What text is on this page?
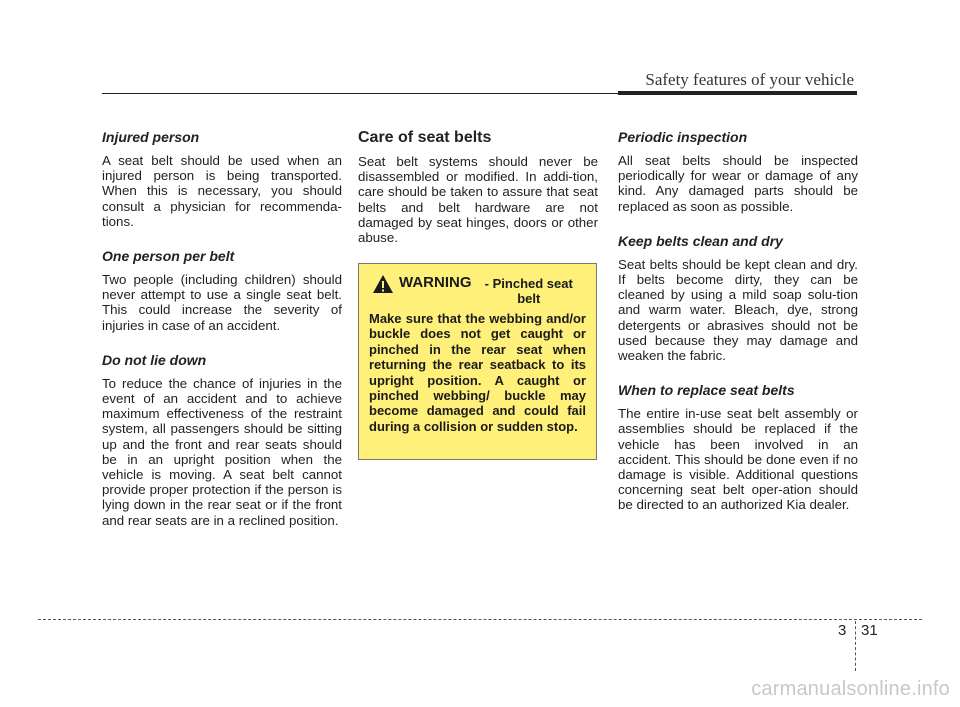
Safety features of your vehicle
Injured person

A seat belt should be used when an injured person is being transported. When this is necessary, you should consult a physician for recommenda-tions.

One person per belt

Two people (including children) should never attempt to use a single seat belt. This could increase the severity of injuries in case of an accident.

Do not lie down

To reduce the chance of injuries in the event of an accident and to achieve maximum effectiveness of the restraint system, all passengers should be sitting up and the front and rear seats should be in an upright position when the vehicle is moving. A seat belt cannot provide proper protection if the person is lying down in the rear seat or if the front and rear seats are in a reclined position.

Care of seat belts

Seat belt systems should never be disassembled or modified. In addi-tion, care should be taken to assure that seat belts and belt hardware are not damaged by seat hinges, doors or other abuse.

WARNING	- Pinched seat belt
Make sure that the webbing and/or buckle does not get caught or pinched in the rear seat when returning the rear seatback to its upright position. A caught or pinched webbing/ buckle may become damaged and could fail during a collision or sudden stop.
Periodic inspection

All seat belts should be inspected periodically for wear or damage of any kind. Any damaged parts should be replaced as soon as possible.

Keep belts clean and dry

Seat belts should be kept clean and dry. If belts become dirty, they can be cleaned by using a mild soap solu-tion and warm water. Bleach, dye, strong detergents or abrasives should not be used because they may damage and weaken the fabric.

When to replace seat belts

The entire in-use seat belt assembly or assemblies should be replaced if the vehicle has been involved in an accident. This should be done even if no damage is visible. Additional questions concerning seat belt oper-ation should be directed to an authorized Kia dealer.

3 31
carmanualsonline.info
